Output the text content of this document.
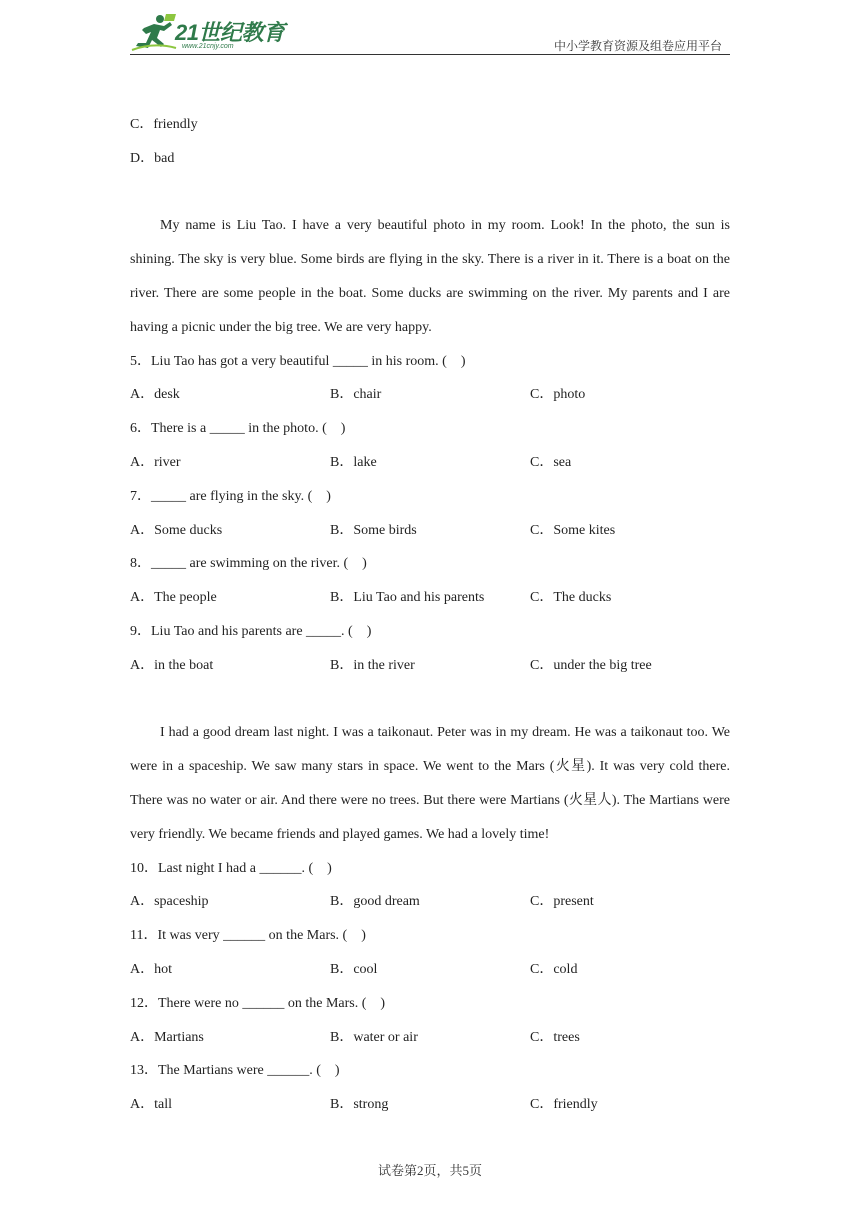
21世纪教育
www.21cnjy.com	中小学教育资源及组卷应用平台
C．friendly
D．bad
My name is Liu Tao. I have a very beautiful photo in my room. Look! In the photo, the sun is shining. The sky is very blue. Some birds are flying in the sky. There is a river in it. There is a boat on the river. There are some people in the boat. Some ducks are swimming on the river. My parents and I are having a picnic under the big tree. We are very happy.
5．Liu Tao has got a very beautiful _____ in his room. (　)
A．desk	B．chair	C．photo
6．There is a _____ in the photo. (　)
A．river	B．lake	C．sea
7．_____ are flying in the sky. (　)
A．Some ducks	B．Some birds	C．Some kites
8．_____ are swimming on the river. (　)
A．The people	B．Liu Tao and his parents	C．The ducks
9．Liu Tao and his parents are _____. (　)
A．in the boat	B．in the river	C．under the big tree
I had a good dream last night. I was a taikonaut. Peter was in my dream. He was a taikonaut too. We were in a spaceship. We saw many stars in space. We went to the Mars (火星). It was very cold there. There was no water or air. And there were no trees. But there were Martians (火星人). The Martians were very friendly. We became friends and played games. We had a lovely time!
10．Last night I had a ______. (　)
A．spaceship	B．good dream	C．present
11．It was very ______ on the Mars. (　)
A．hot	B．cool	C．cold
12．There were no ______ on the Mars. (　)
A．Martians	B．water or air	C．trees
13．The Martians were ______. (　)
A．tall	B．strong	C．friendly
试卷第2页，共5页
